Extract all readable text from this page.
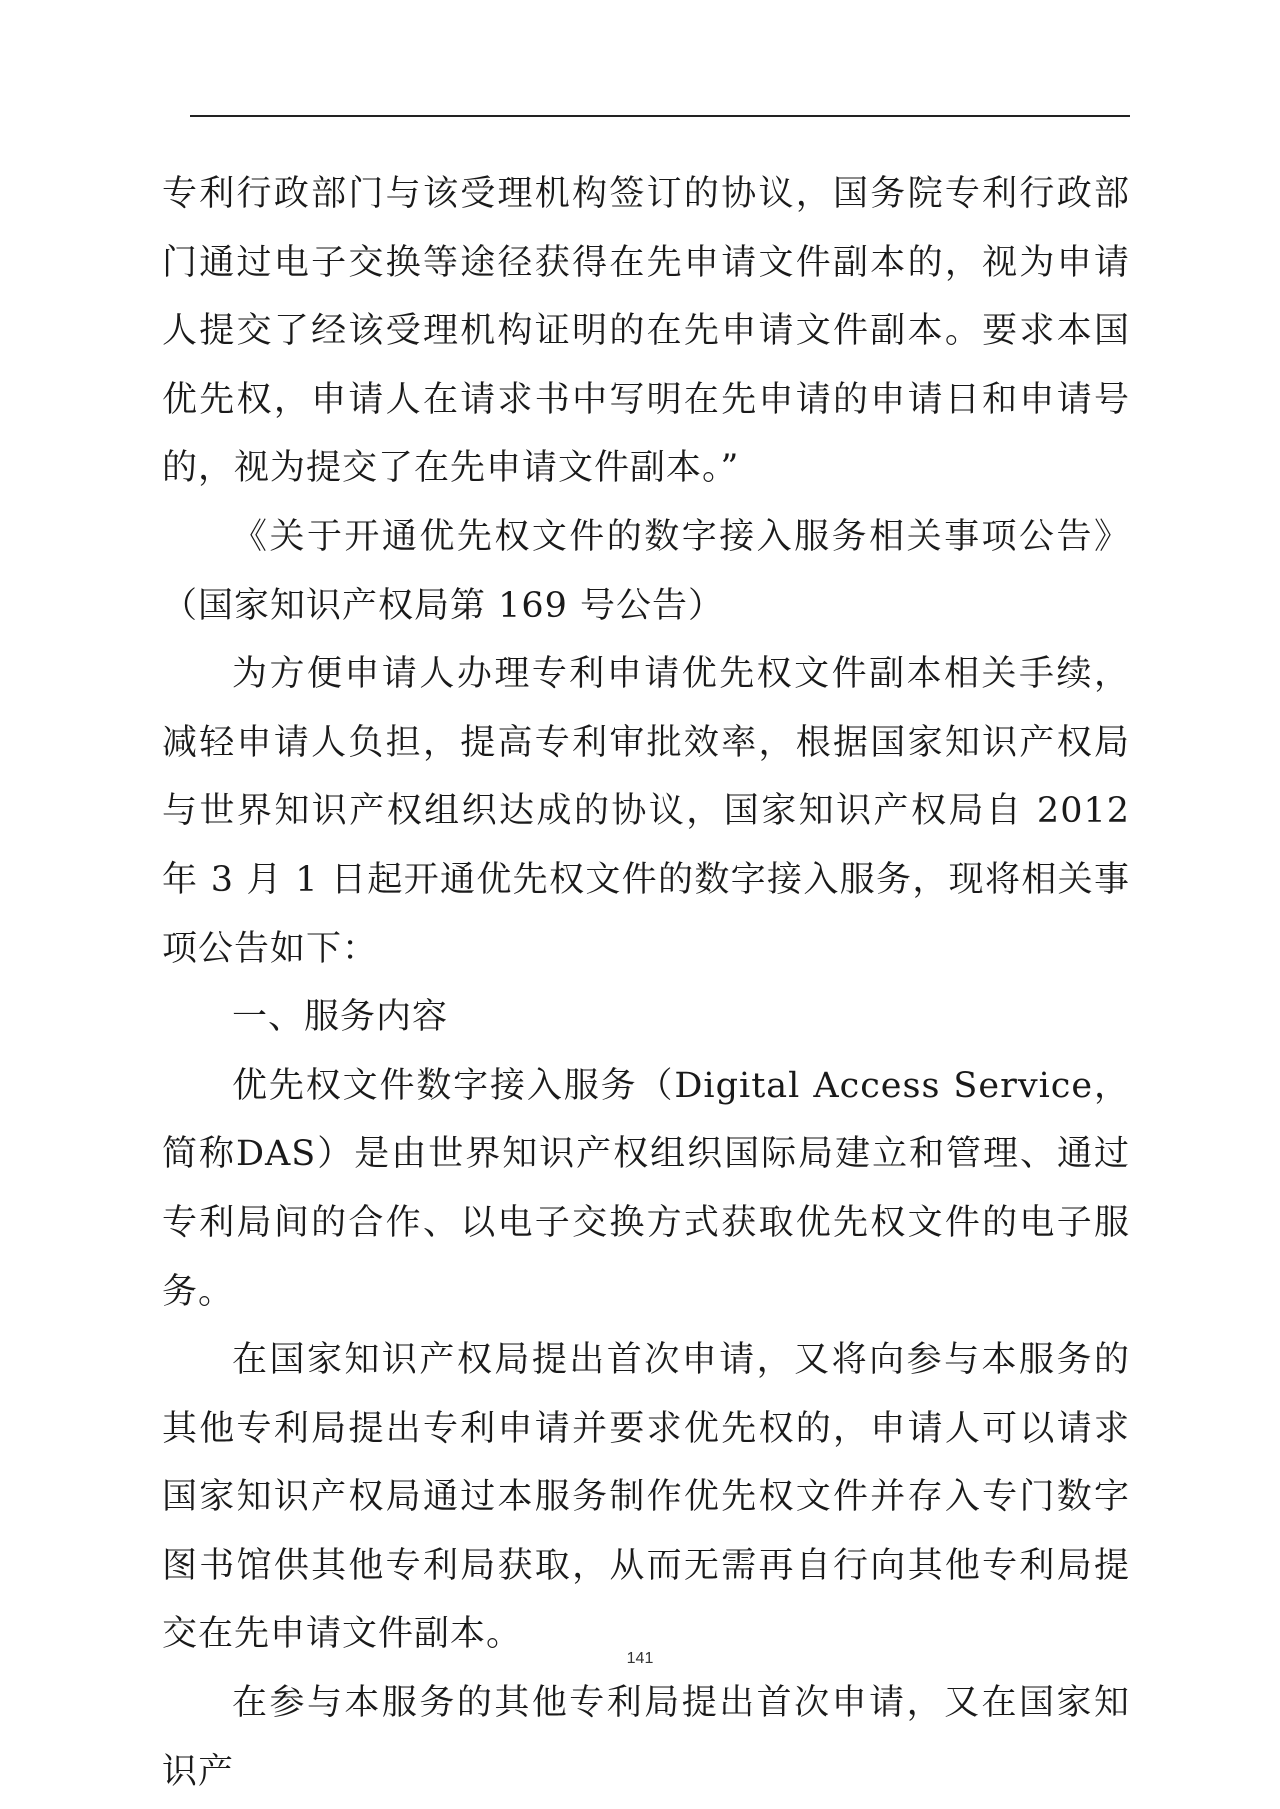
专利行政部门与该受理机构签订的协议，国务院专利行政部门通过电子交换等途径获得在先申请文件副本的，视为申请人提交了经该受理机构证明的在先申请文件副本。要求本国优先权，申请人在请求书中写明在先申请的申请日和申请号的，视为提交了在先申请文件副本。”

《关于开通优先权文件的数字接入服务相关事项公告》（国家知识产权局第 169 号公告）

为方便申请人办理专利申请优先权文件副本相关手续，减轻申请人负担，提高专利审批效率，根据国家知识产权局与世界知识产权组织达成的协议，国家知识产权局自 2012 年 3 月 1 日起开通优先权文件的数字接入服务，现将相关事项公告如下：

一、服务内容

优先权文件数字接入服务（Digital Access Service，简称DAS）是由世界知识产权组织国际局建立和管理、通过专利局间的合作、以电子交换方式获取优先权文件的电子服务。

在国家知识产权局提出首次申请，又将向参与本服务的其他专利局提出专利申请并要求优先权的，申请人可以请求国家知识产权局通过本服务制作优先权文件并存入专门数字图书馆供其他专利局获取，从而无需再自行向其他专利局提交在先申请文件副本。

在参与本服务的其他专利局提出首次申请，又在国家知识产

141
